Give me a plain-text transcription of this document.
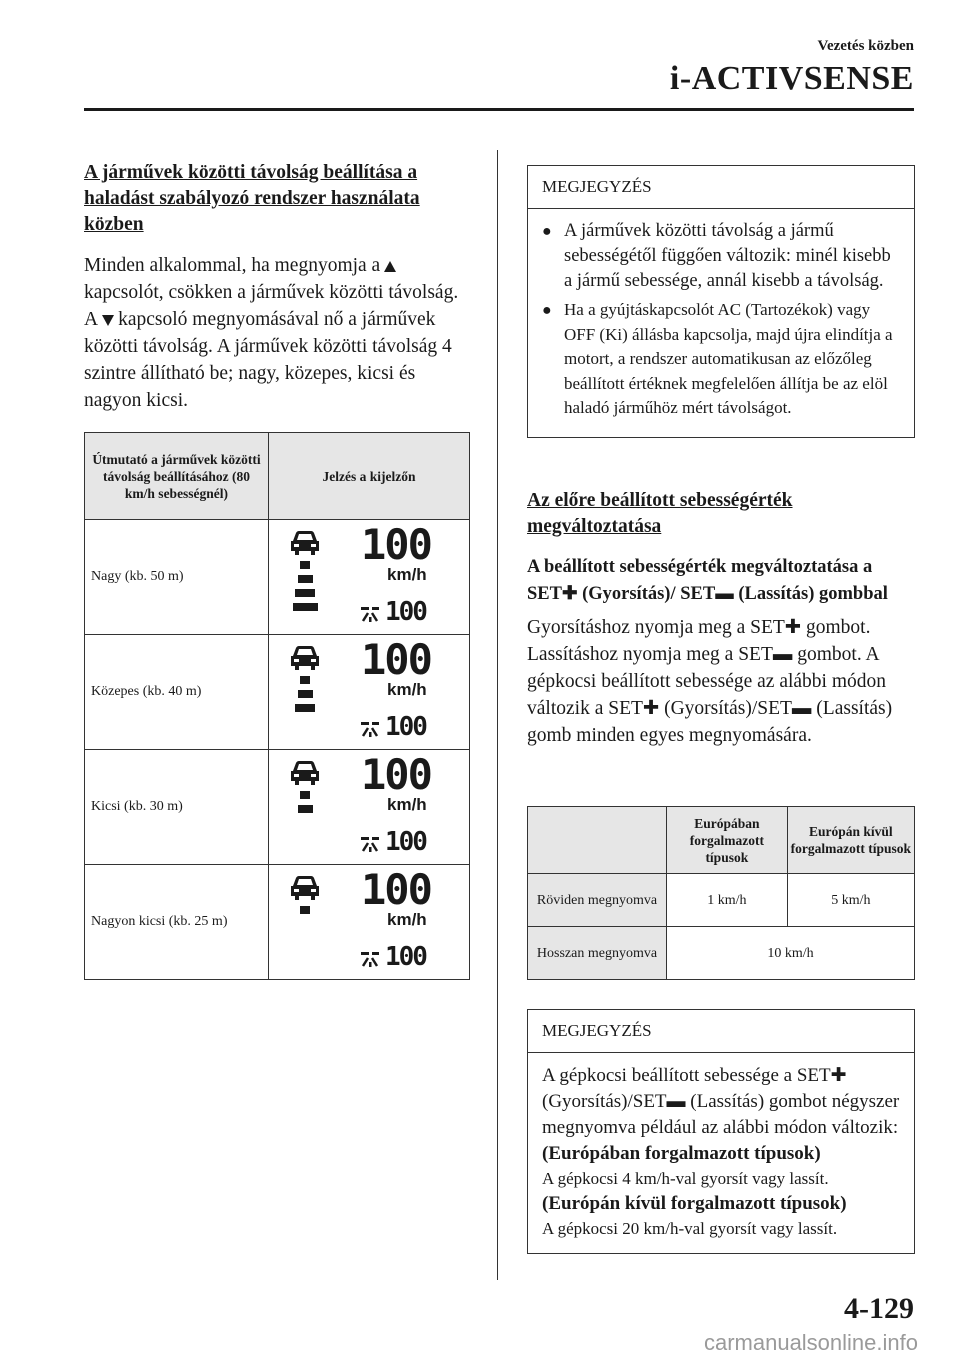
Vezetés közben
i-ACTIVSENSE

A járművek közötti távolság beállítása a haladást szabályozó rendszer használata közben

Minden alkalommal, ha megnyomja akapcsolót, csökken a járművek közötti távolság. A kapcsoló megnyomásával nő a járművek közötti távolság. A járművek közötti távolság 4 szintre állítható be; nagy, közepes, kicsi és nagyon kicsi.

Útmutató a járművek közötti távolság beállításához (80 km/h sebességnél)	Jelzés a kijelzőn
Nagy (kb. 50 m)	100
km/h
100

Közepes (kb. 40 m)	100
km/h
100

Kicsi (kb. 30 m)	100
km/h
100

Nagyon kicsi (kb. 25 m)	100
km/h
100
MEGJEGYZÉS
● A járművek közötti távolság a jármű sebességétől függően változik: minél kisebb a jármű sebessége, annál kisebb a távolság.
● Ha a gyújtáskapcsolót AC (Tartozékok) vagy OFF (Ki) állásba kapcsolja, majd újra elindítja a motort, a rendszer automatikusan az előzőleg beállított értéknek megfelelően állítja be az elöl haladó járműhöz mért távolságot.

Az előre beállított sebességérték megváltoztatása

A beállított sebességérték megváltoztatása a SET✚ (Gyorsítás)/ SET▬ (Lassítás) gombbal

Gyorsításhoz nyomja meg a SET✚ gombot. Lassításhoz nyomja meg a SET▬ gombot. A gépkocsi beállított sebessége az alábbi módon változik a SET✚ (Gyorsítás)/SET▬ (Lassítás) gomb minden egyes megnyomására.

	Európában forgalmazott típusok	Európán kívül forgalmazott típusok
Röviden megnyomva	1 km/h	5 km/h
Hosszan megnyomva	10 km/h	
MEGJEGYZÉS

A gépkocsi beállított sebessége a SET✚ (Gyorsítás)/SET▬ (Lassítás) gombot négyszer megnyomva például az alábbi módon változik:

(Európában forgalmazott típusok)

A gépkocsi 4 km/h-val gyorsít vagy lassít.

(Európán kívül forgalmazott típusok)

A gépkocsi 20 km/h-val gyorsít vagy lassít.

4-129
carmanualsonline.info
